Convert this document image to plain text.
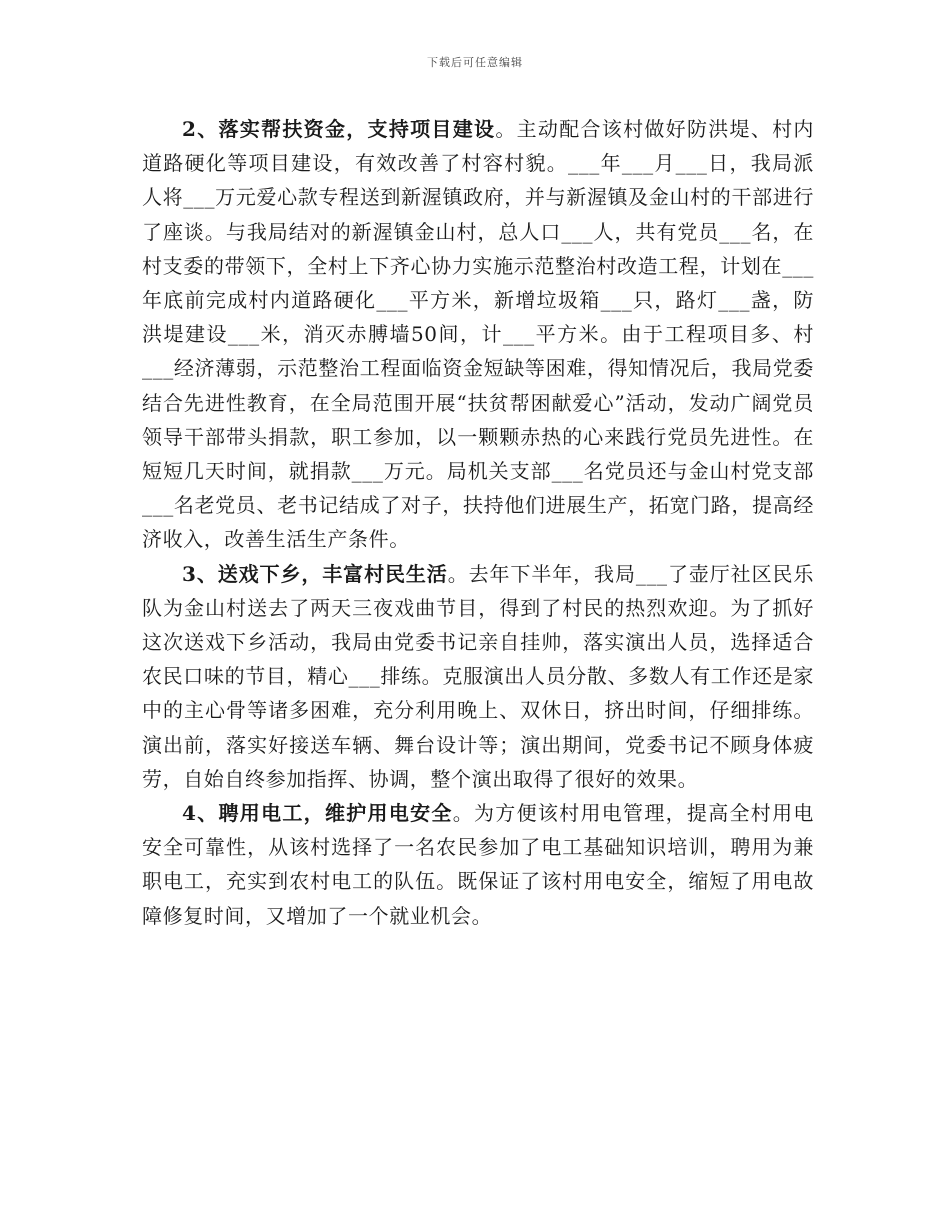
下载后可任意编辑

2、落实帮扶资金，支持项目建设。主动配合该村做好防洪堤、村内道路硬化等项目建设，有效改善了村容村貌。___年___月___日，我局派人将___万元爱心款专程送到新渥镇政府，并与新渥镇及金山村的干部进行了座谈。与我局结对的新渥镇金山村，总人口___人，共有党员___名，在村支委的带领下，全村上下齐心协力实施示范整治村改造工程，计划在___年底前完成村内道路硬化___平方米，新增垃圾箱___只，路灯___盏，防洪堤建设___米，消灭赤膊墙50间，计___平方米。由于工程项目多、村___经济薄弱，示范整治工程面临资金短缺等困难，得知情况后，我局党委结合先进性教育，在全局范围开展“扶贫帮困献爱心”活动，发动广阔党员领导干部带头捐款，职工参加，以一颗颗赤热的心来践行党员先进性。在短短几天时间，就捐款___万元。局机关支部___名党员还与金山村党支部___名老党员、老书记结成了对子，扶持他们进展生产，拓宽门路，提高经济收入，改善生活生产条件。

3、送戏下乡，丰富村民生活。去年下半年，我局___了壶厅社区民乐队为金山村送去了两天三夜戏曲节目，得到了村民的热烈欢迎。为了抓好这次送戏下乡活动，我局由党委书记亲自挂帅，落实演出人员，选择适合农民口味的节目，精心___排练。克服演出人员分散、多数人有工作还是家中的主心骨等诸多困难，充分利用晚上、双休日，挤出时间，仔细排练。演出前，落实好接送车辆、舞台设计等；演出期间，党委书记不顾身体疲劳，自始自终参加指挥、协调，整个演出取得了很好的效果。

4、聘用电工，维护用电安全。为方便该村用电管理，提高全村用电安全可靠性，从该村选择了一名农民参加了电工基础知识培训，聘用为兼职电工，充实到农村电工的队伍。既保证了该村用电安全，缩短了用电故障修复时间，又增加了一个就业机会。
